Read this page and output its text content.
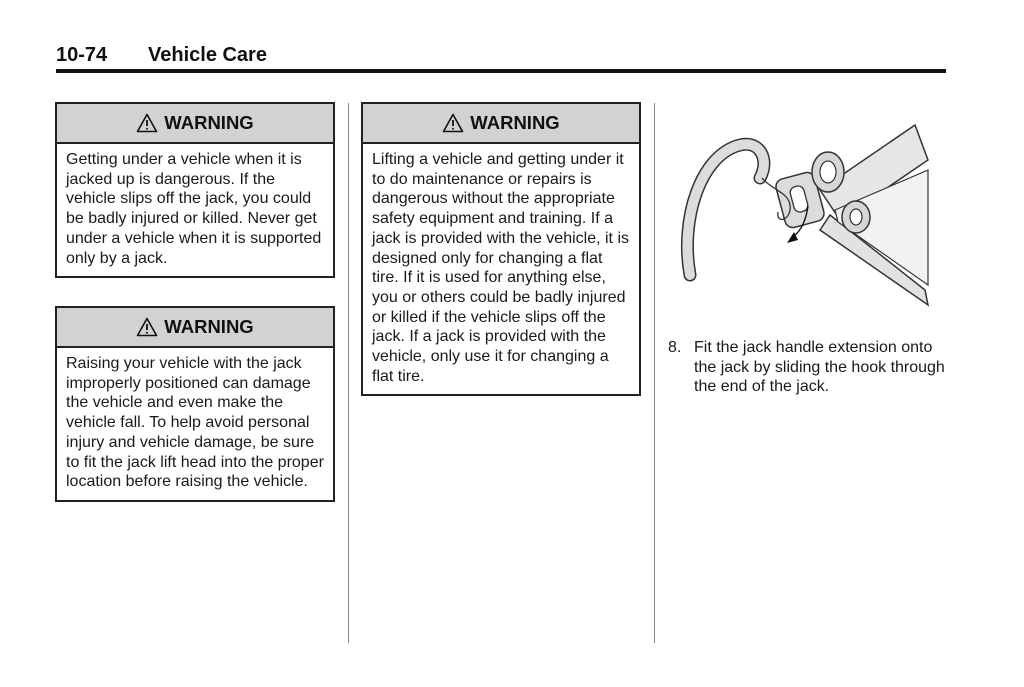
10-74	Vehicle Care
WARNING
Getting under a vehicle when it is jacked up is dangerous. If the vehicle slips off the jack, you could be badly injured or killed. Never get under a vehicle when it is supported only by a jack.
WARNING
Raising your vehicle with the jack improperly positioned can damage the vehicle and even make the vehicle fall. To help avoid personal injury and vehicle damage, be sure to fit the jack lift head into the proper location before raising the vehicle.
WARNING
Lifting a vehicle and getting under it to do maintenance or repairs is dangerous without the appropriate safety equipment and training. If a jack is provided with the vehicle, it is designed only for changing a flat tire. If it is used for anything else, you or others could be badly injured or killed if the vehicle slips off the jack. If a jack is provided with the vehicle, only use it for changing a flat tire.
8. Fit the jack handle extension onto the jack by sliding the hook through the end of the jack.
